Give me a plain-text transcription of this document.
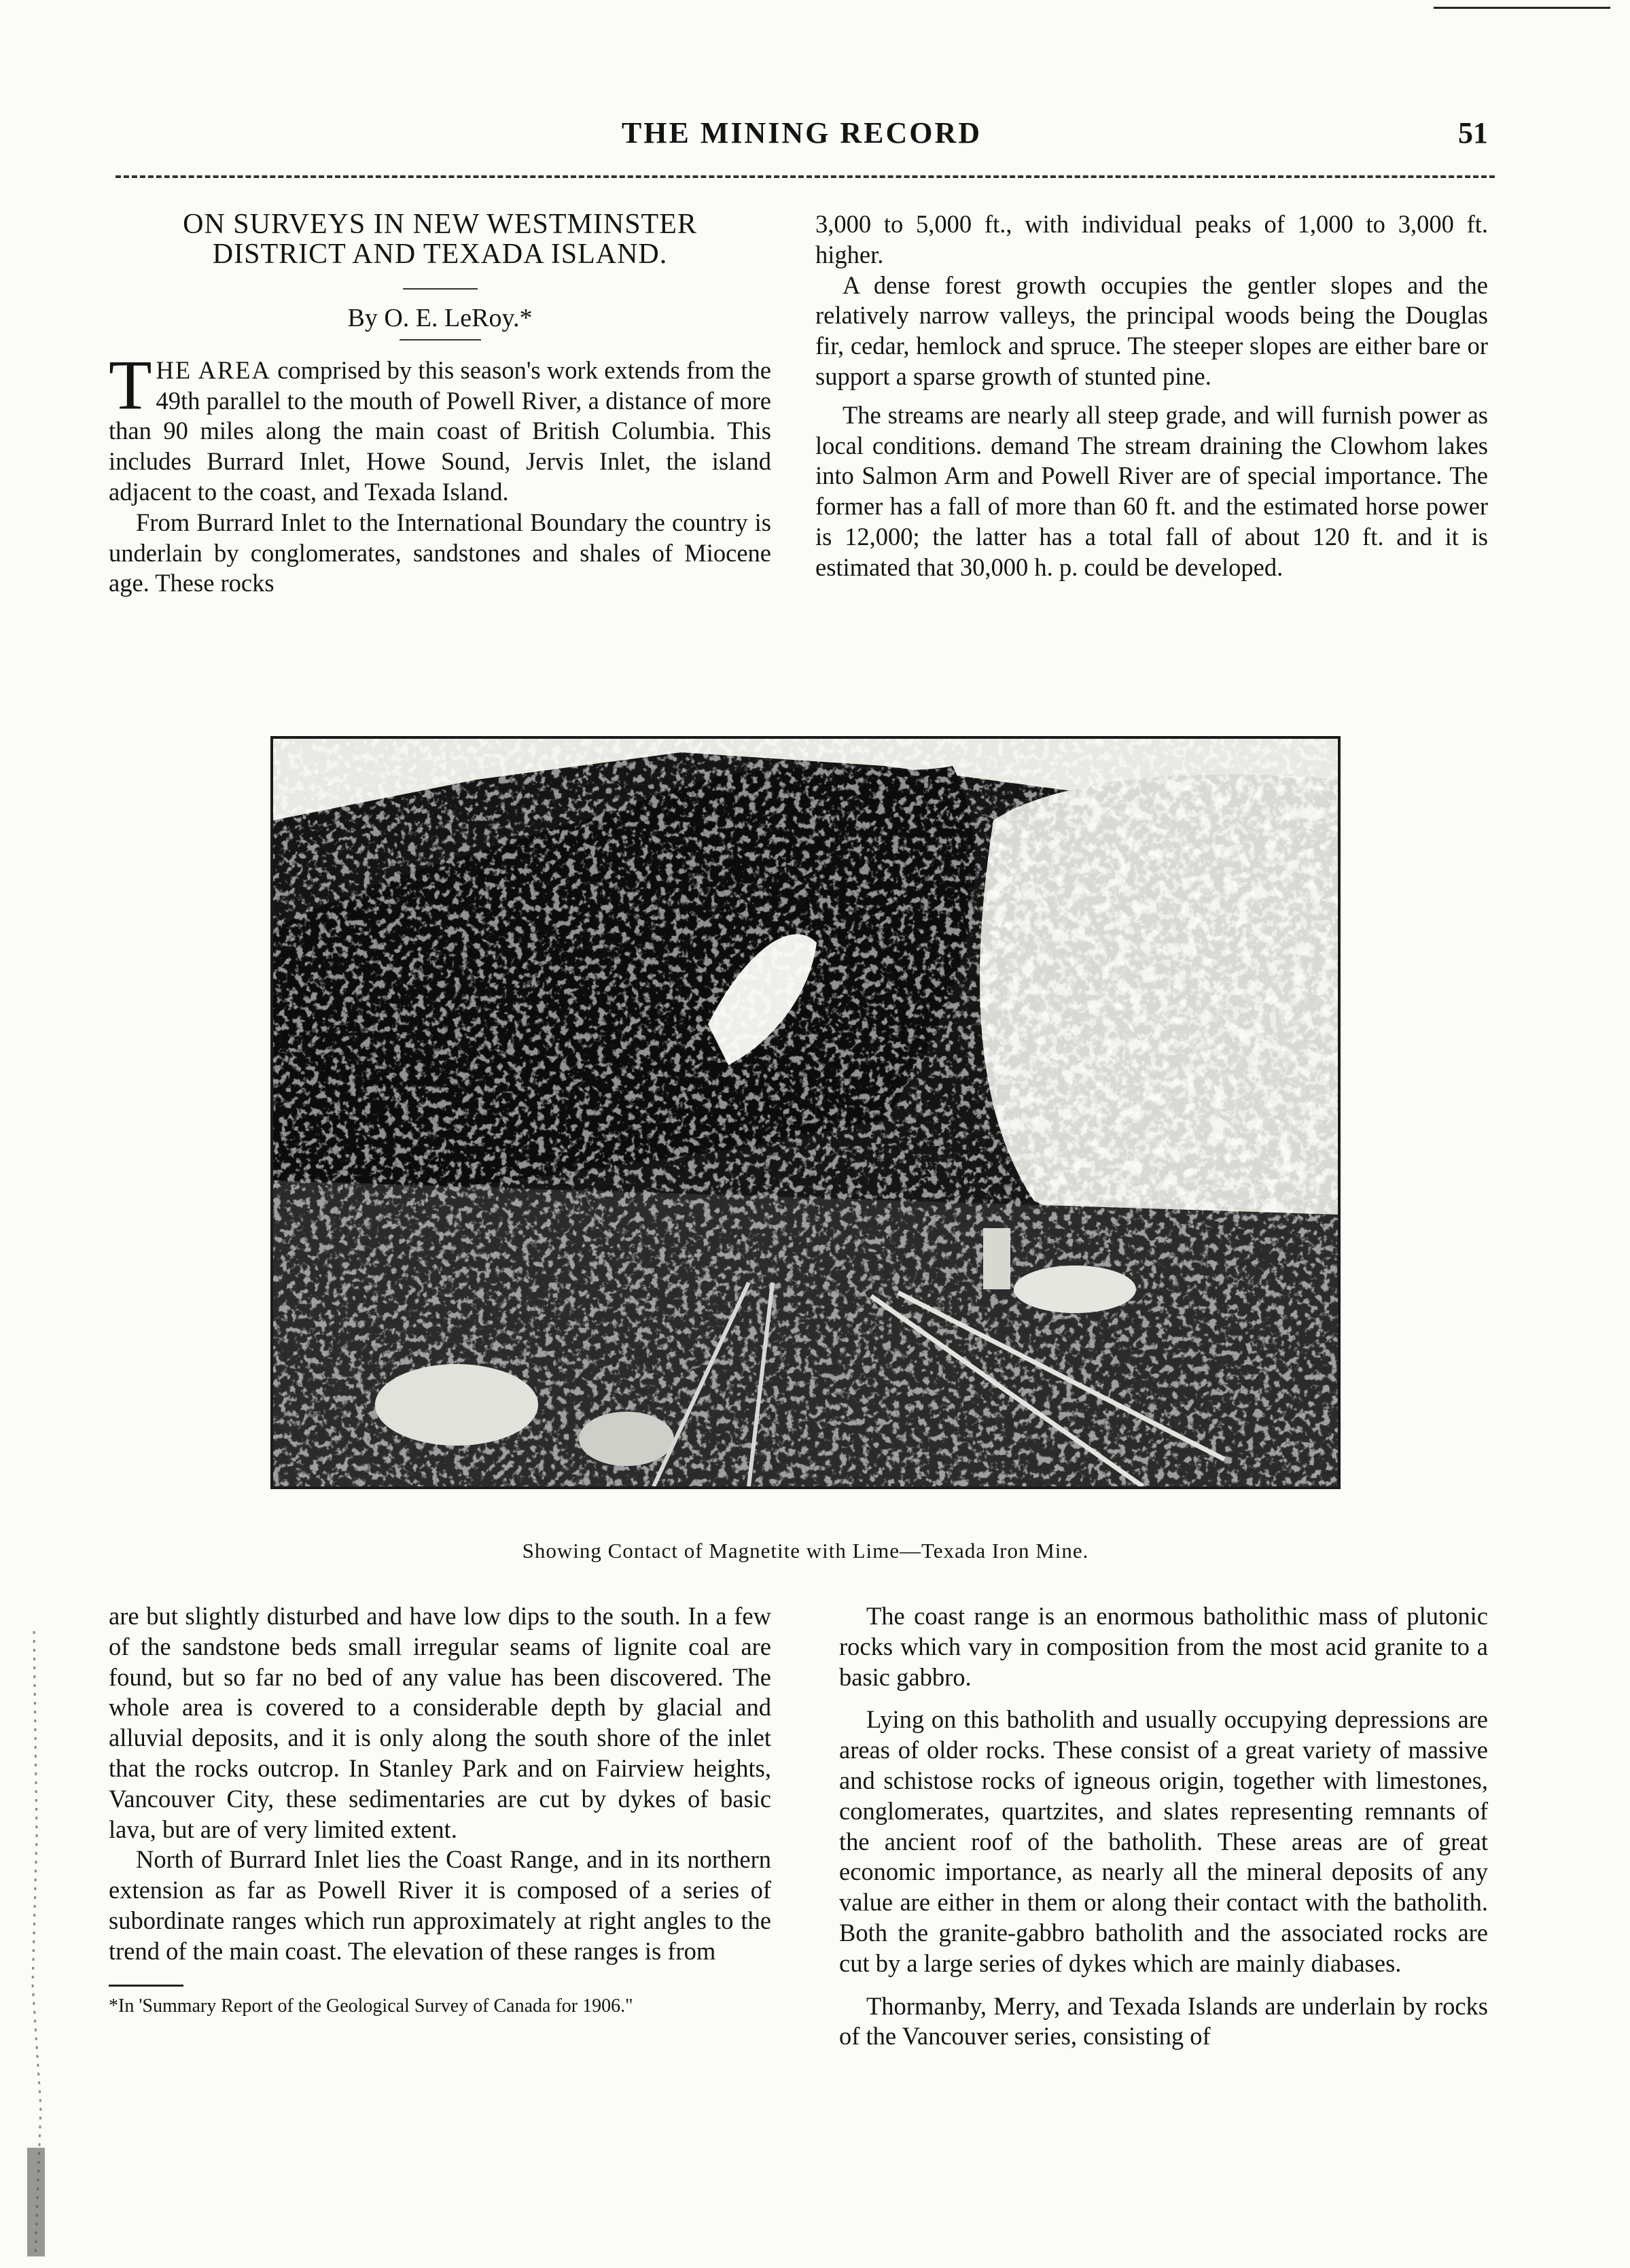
THE MINING RECORD	51
ON SURVEYS IN NEW WESTMINSTER
DISTRICT AND TEXADA ISLAND.
By O. E. LeRoy.*

THE AREA comprised by this season's work extends from the 49th parallel to the mouth of Powell River, a distance of more than 90 miles along the main coast of British Columbia. This includes Burrard Inlet, Howe Sound, Jervis Inlet, the island adjacent to the coast, and Texada Island.

From Burrard Inlet to the International Boundary the country is underlain by conglomerates, sandstones and shales of Miocene age. These rocks

3,000 to 5,000 ft., with individual peaks of 1,000 to 3,000 ft. higher.

A dense forest growth occupies the gentler slopes and the relatively narrow valleys, the principal woods being the Douglas fir, cedar, hemlock and spruce. The steeper slopes are either bare or support a sparse growth of stunted pine.

The streams are nearly all steep grade, and will furnish power as local conditions. demand The stream draining the Clowhom lakes into Salmon Arm and Powell River are of special importance. The former has a fall of more than 60 ft. and the estimated horse power is 12,000; the latter has a total fall of about 120 ft. and it is estimated that 30,000 h. p. could be developed.

Showing Contact of Magnetite with Lime—Texada Iron Mine.

are but slightly disturbed and have low dips to the south. In a few of the sandstone beds small irregular seams of lignite coal are found, but so far no bed of any value has been discovered. The whole area is covered to a considerable depth by glacial and alluvial deposits, and it is only along the south shore of the inlet that the rocks outcrop. In Stanley Park and on Fairview heights, Vancouver City, these sedimentaries are cut by dykes of basic lava, but are of very limited extent.

North of Burrard Inlet lies the Coast Range, and in its northern extension as far as Powell River it is composed of a series of subordinate ranges which run approximately at right angles to the trend of the main coast. The elevation of these ranges is from

*In 'Summary Report of the Geological Survey of Canada for 1906."

The coast range is an enormous batholithic mass of plutonic rocks which vary in composition from the most acid granite to a basic gabbro.

Lying on this batholith and usually occupying depressions are areas of older rocks. These consist of a great variety of massive and schistose rocks of igneous origin, together with limestones, conglomerates, quartzites, and slates representing remnants of the ancient roof of the batholith. These areas are of great economic importance, as nearly all the mineral deposits of any value are either in them or along their contact with the batholith. Both the granite-gabbro batholith and the associated rocks are cut by a large series of dykes which are mainly diabases.

Thormanby, Merry, and Texada Islands are underlain by rocks of the Vancouver series, consisting of
